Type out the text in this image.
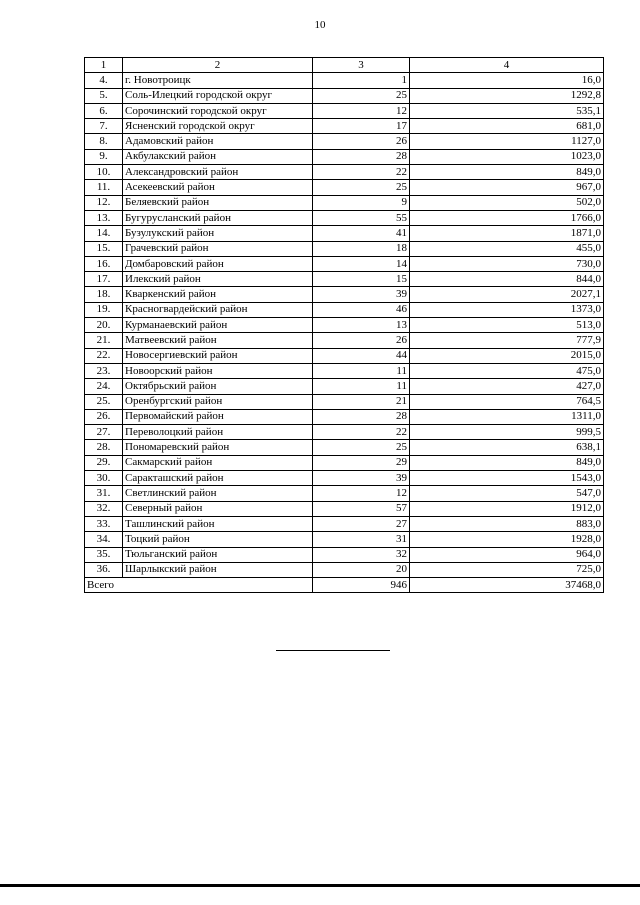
10
1	2	3	4
4.	г. Новотроицк	1	16,0
5.	Соль-Илецкий городской округ	25	1292,8
6.	Сорочинский городской округ	12	535,1
7.	Ясненский городской округ	17	681,0
8.	Адамовский район	26	1127,0
9.	Акбулакский район	28	1023,0
10.	Александровский район	22	849,0
11.	Асекеевский район	25	967,0
12.	Беляевский район	9	502,0
13.	Бугурусланский район	55	1766,0
14.	Бузулукский район	41	1871,0
15.	Грачевский район	18	455,0
16.	Домбаровский район	14	730,0
17.	Илекский район	15	844,0
18.	Кваркенский район	39	2027,1
19.	Красногвардейский район	46	1373,0
20.	Курманаевский район	13	513,0
21.	Матвеевский район	26	777,9
22.	Новосергиевский район	44	2015,0
23.	Новоорский район	11	475,0
24.	Октябрьский район	11	427,0
25.	Оренбургский район	21	764,5
26.	Первомайский район	28	1311,0
27.	Переволоцкий район	22	999,5
28.	Пономаревский район	25	638,1
29.	Сакмарский район	29	849,0
30.	Саракташский район	39	1543,0
31.	Светлинский район	12	547,0
32.	Северный район	57	1912,0
33.	Ташлинский район	27	883,0
34.	Тоцкий район	31	1928,0
35.	Тюльганский район	32	964,0
36.	Шарлыкский район	20	725,0
Всего		946	37468,0
